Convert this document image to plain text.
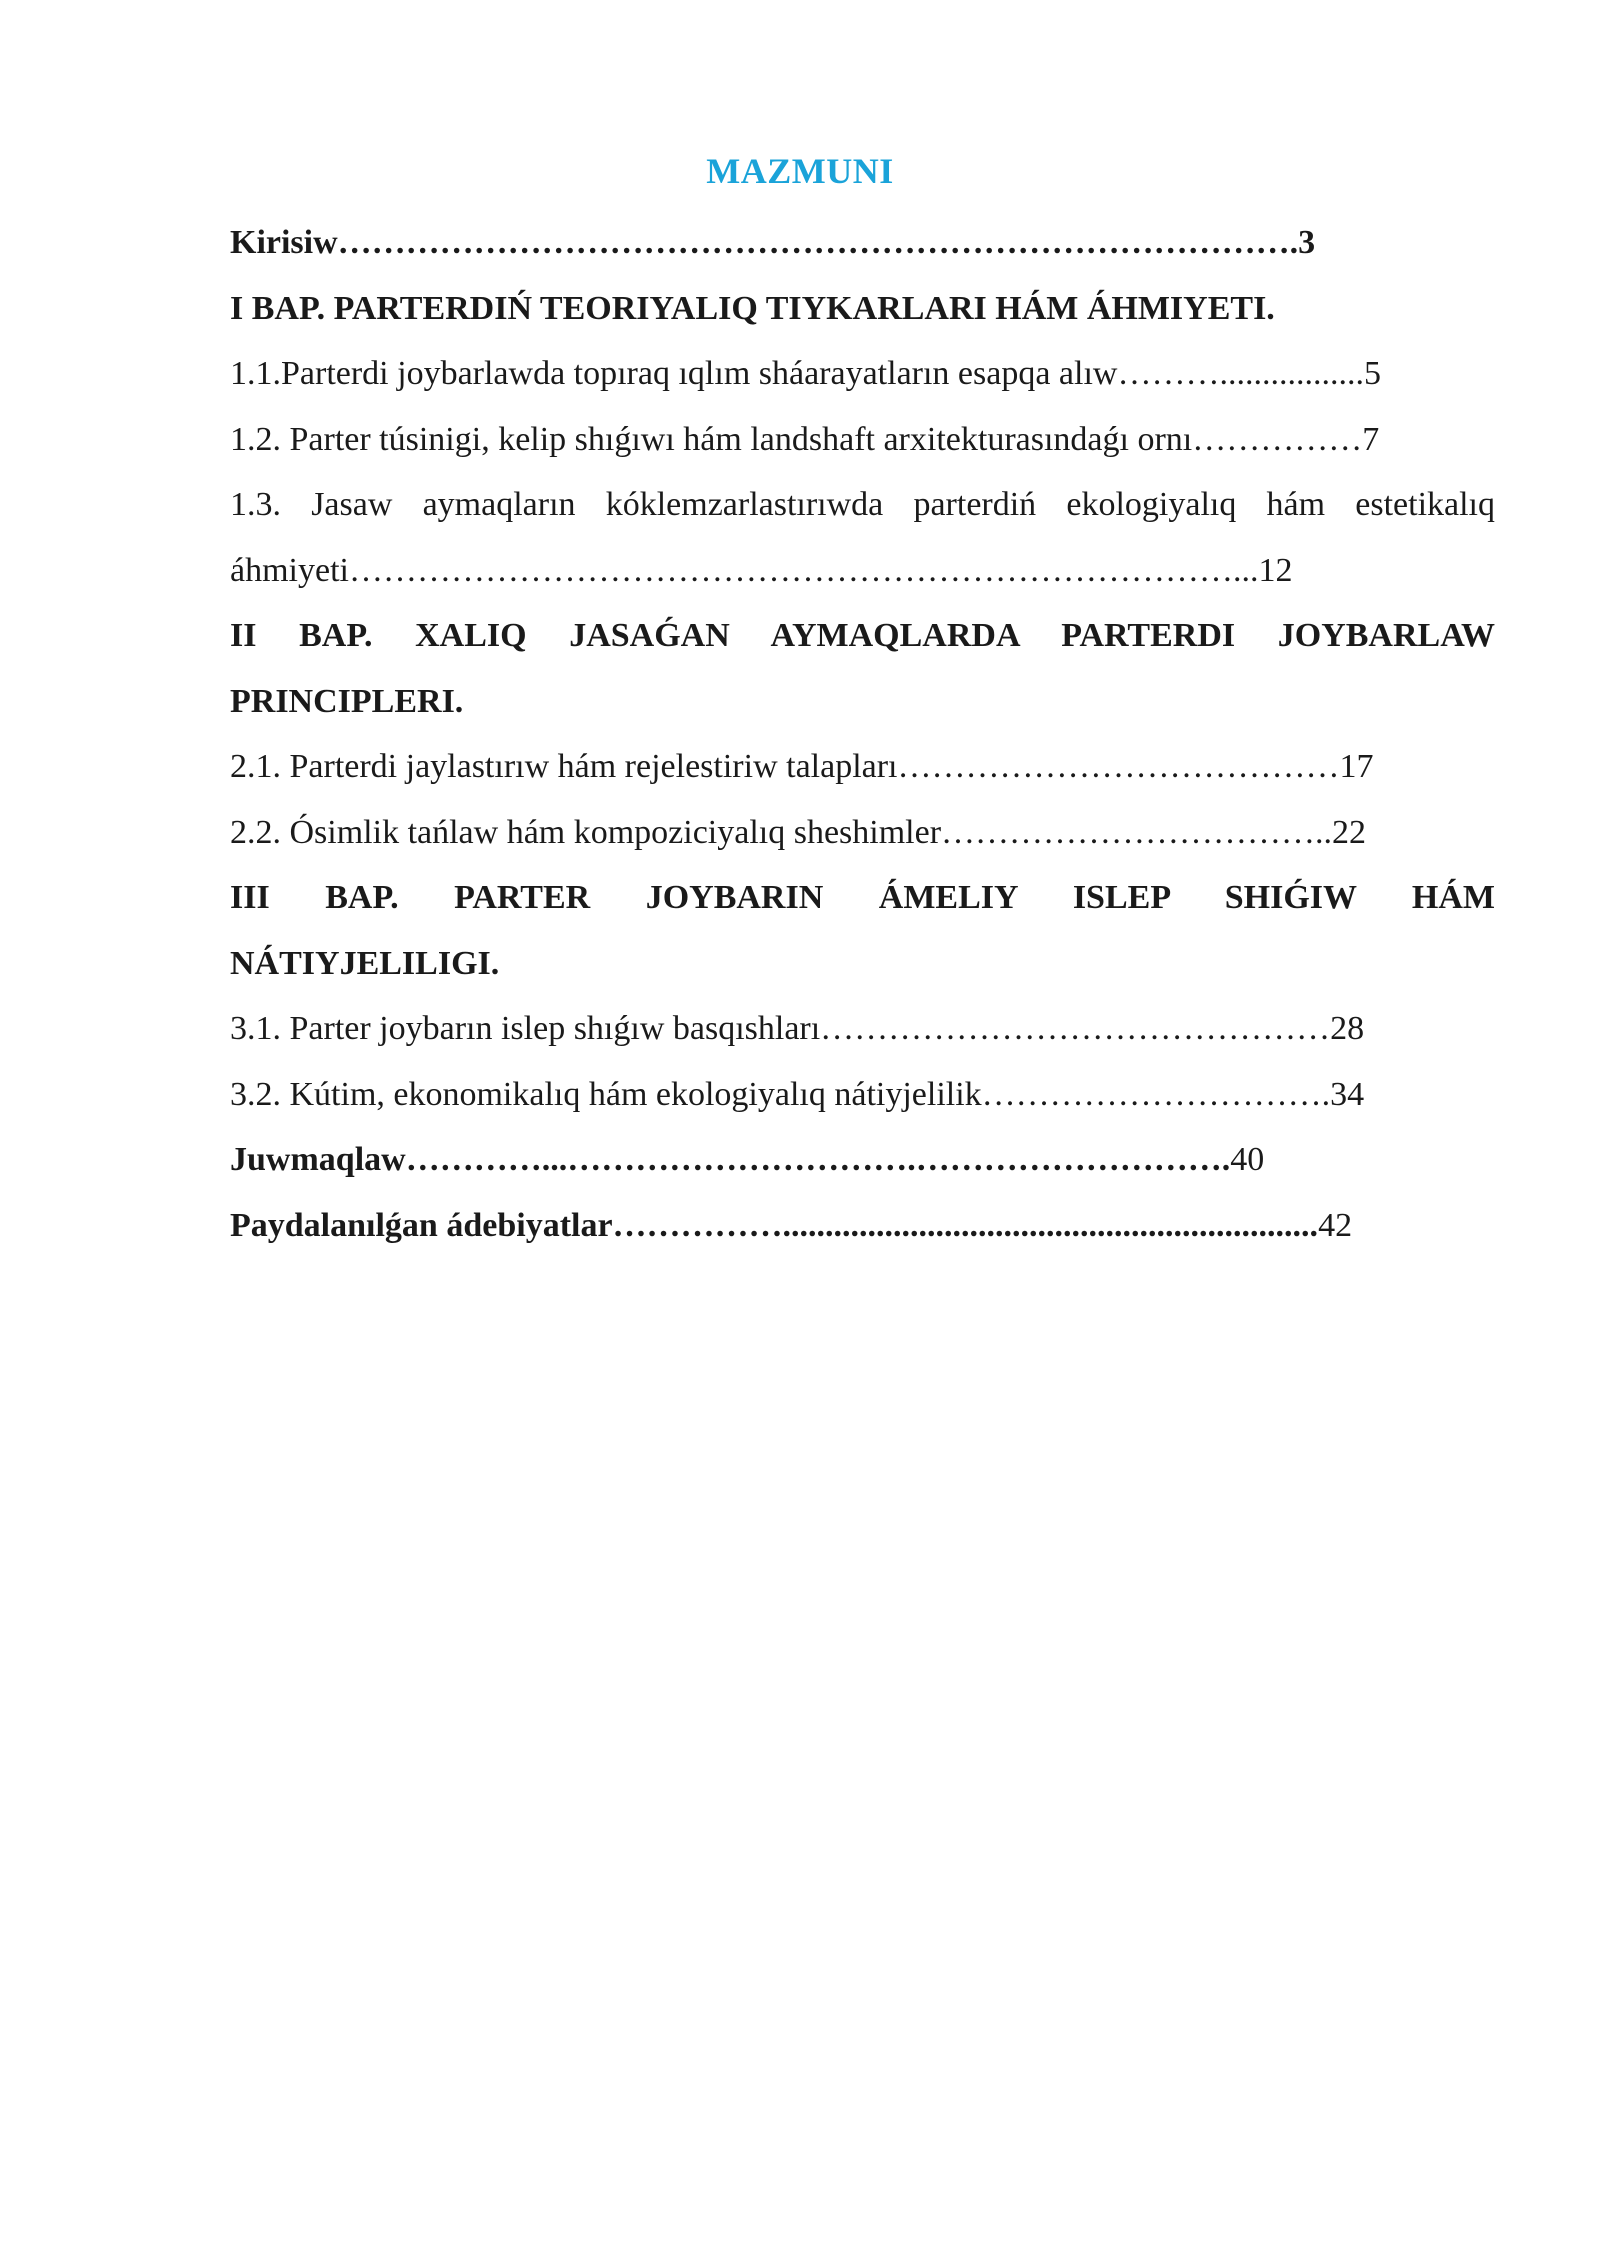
MAZMUNI
Kirisiw………………………………………………………………………….3
I BAP. PARTERDIŃ TEORIYALIQ TIYKARLARI HÁM ÁHMIYETI.
1.1.Parterdi joybarlawda topıraq ıqlım sháarayatların esapqa alıw……….................5
1.2. Parter túsinigi, kelip shıǵıwı hám landshaft arxitekturasındaǵı ornı……………7
1.3. Jasaw aymaqların kóklemzarlastırıwda parterdiń ekologiyalıq hám estetikalıq
áhmiyeti……………………………………………………………………...12
II BAP. XALIQ JASAǴAN AYMAQLARDA PARTERDI JOYBARLAW
PRINCIPLERI.
2.1. Parterdi jaylastırıw hám rejelestiriw talapları…………………………………17
2.2. Ósimlik tańlaw hám kompoziciyalıq sheshimler……………………………..22
III BAP. PARTER JOYBARIN ÁMELIY ISLEP SHIǴIW HÁM
NÁTIYJELILIGI.
3.1. Parter joybarın islep shıǵıw basqıshları………………………………………28
3.2. Kútim, ekonomikalıq hám ekologiyalıq nátiyjelilik………………………….34
Juwmaqlaw…………...………………………….……………………….40
Paydalanılǵan ádebiyatlar……………...............................................................42
